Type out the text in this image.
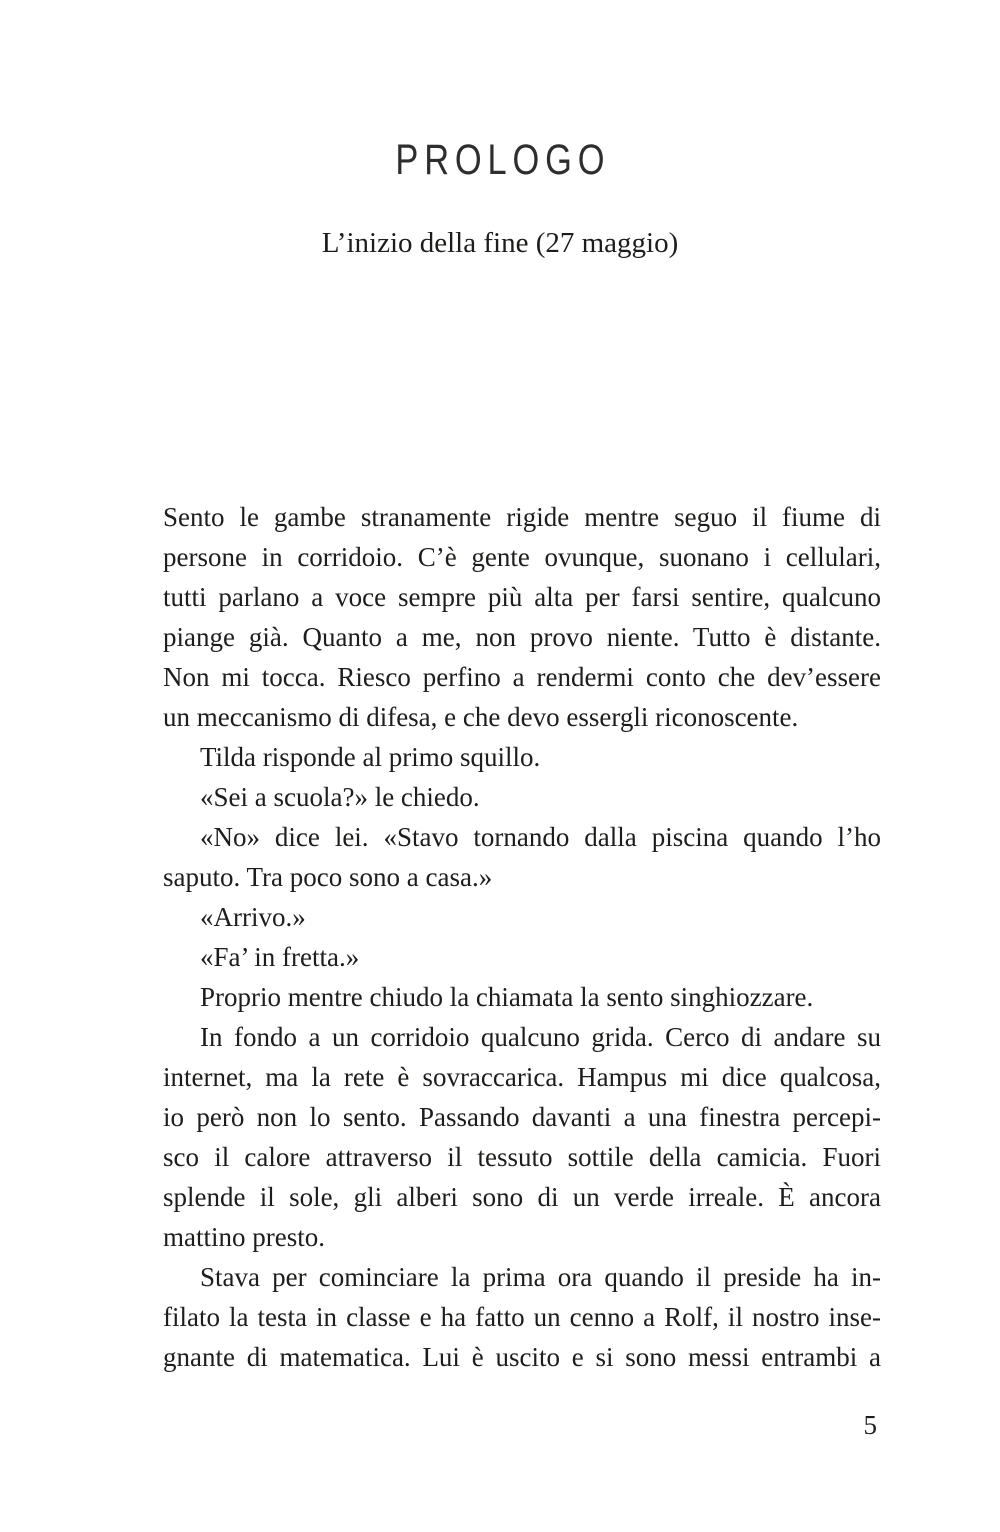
PROLOGO
L’inizio della fine (27 maggio)
Sento le gambe stranamente rigide mentre seguo il fiume di
persone in corridoio. C’è gente ovunque, suonano i cellulari,
tutti parlano a voce sempre più alta per farsi sentire, qualcuno
piange già. Quanto a me, non provo niente. Tutto è distante.
Non mi tocca. Riesco perfino a rendermi conto che dev’essere
un meccanismo di difesa, e che devo essergli riconoscente.
Tilda risponde al primo squillo.
«Sei a scuola?» le chiedo.
«No» dice lei. «Stavo tornando dalla piscina quando l’ho
saputo. Tra poco sono a casa.»
«Arrivo.»
«Fa’ in fretta.»
Proprio mentre chiudo la chiamata la sento singhiozzare.
In fondo a un corridoio qualcuno grida. Cerco di andare su
internet, ma la rete è sovraccarica. Hampus mi dice qualcosa,
io però non lo sento. Passando davanti a una finestra percepi-
sco il calore attraverso il tessuto sottile della camicia. Fuori
splende il sole, gli alberi sono di un verde irreale. È ancora
mattino presto.
Stava per cominciare la prima ora quando il preside ha in-
filato la testa in classe e ha fatto un cenno a Rolf, il nostro inse-
gnante di matematica. Lui è uscito e si sono messi entrambi a
5
